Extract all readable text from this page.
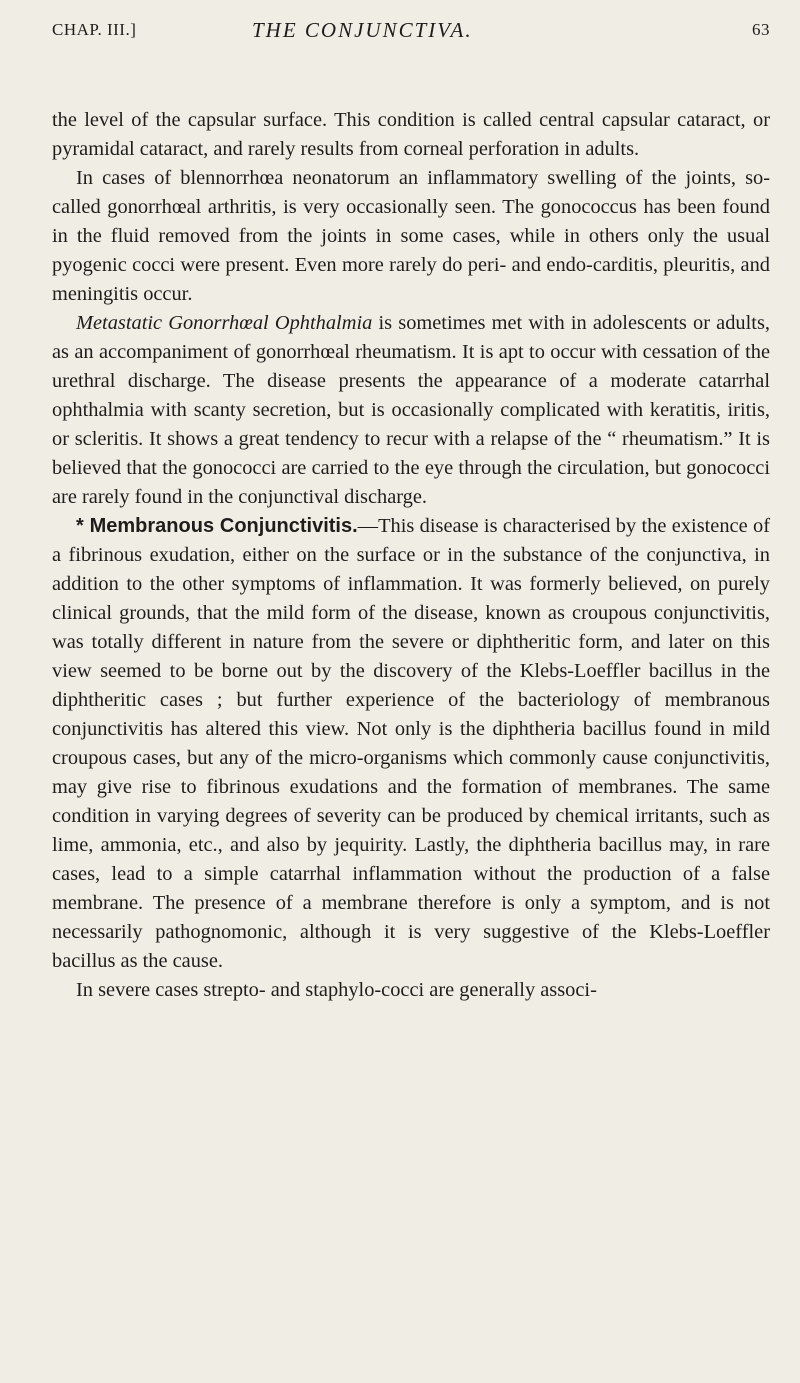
CHAP. III.]	THE CONJUNCTIVA.	63

the level of the capsular surface. This condition is called central capsular cataract, or pyramidal cataract, and rarely results from corneal perforation in adults.

In cases of blennorrhœa neonatorum an inflammatory swelling of the joints, so-called gonorrhœal arthritis, is very occasionally seen. The gonococcus has been found in the fluid removed from the joints in some cases, while in others only the usual pyogenic cocci were present. Even more rarely do peri- and endo-carditis, pleuritis, and meningitis occur.

Metastatic Gonorrhœal Ophthalmia is sometimes met with in adolescents or adults, as an accompaniment of gonorrhœal rheumatism. It is apt to occur with cessation of the urethral discharge. The disease presents the appearance of a moderate catarrhal ophthalmia with scanty secretion, but is occasionally complicated with keratitis, iritis, or scleritis. It shows a great tendency to recur with a relapse of the “ rheumatism.” It is believed that the gonococci are carried to the eye through the circulation, but gonococci are rarely found in the conjunctival discharge.

* Membranous Conjunctivitis.—This disease is characterised by the existence of a fibrinous exudation, either on the surface or in the substance of the conjunctiva, in addition to the other symptoms of inflammation. It was formerly believed, on purely clinical grounds, that the mild form of the disease, known as croupous conjunctivitis, was totally different in nature from the severe or diphtheritic form, and later on this view seemed to be borne out by the discovery of the Klebs-Loeffler bacillus in the diphtheritic cases ; but further experience of the bacteriology of membranous conjunctivitis has altered this view. Not only is the diphtheria bacillus found in mild croupous cases, but any of the micro-organisms which commonly cause conjunctivitis, may give rise to fibrinous exudations and the formation of membranes. The same condition in varying degrees of severity can be produced by chemical irritants, such as lime, ammonia, etc., and also by jequirity. Lastly, the diphtheria bacillus may, in rare cases, lead to a simple catarrhal inflammation without the production of a false membrane. The presence of a membrane therefore is only a symptom, and is not necessarily pathognomonic, although it is very suggestive of the Klebs-Loeffler bacillus as the cause.

In severe cases strepto- and staphylo-cocci are generally associ-
